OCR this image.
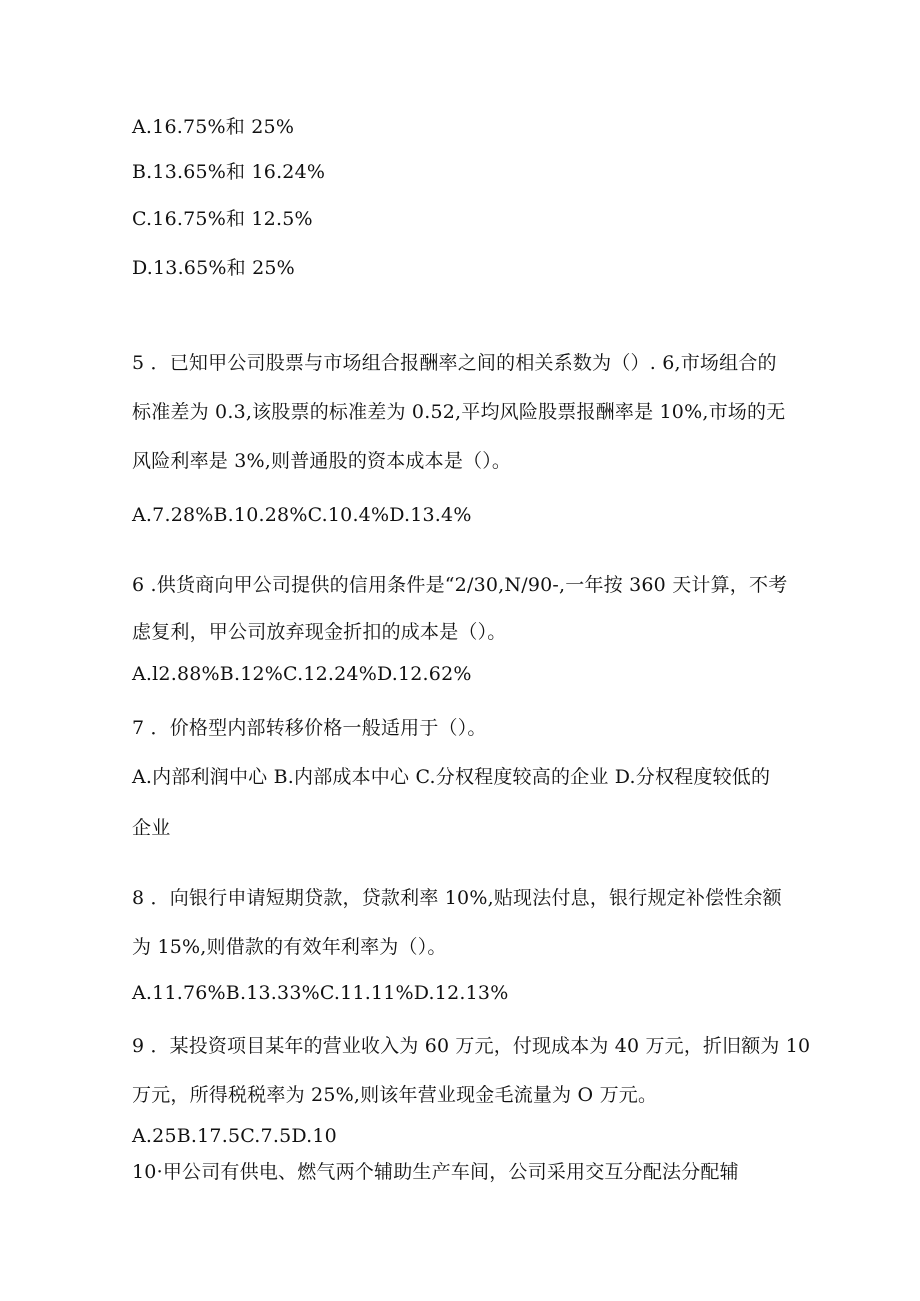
A.16.75%和 25%
B.13.65%和 16.24%
C.16.75%和 12.5%
D.13.65%和 25%
5 ．已知甲公司股票与市场组合报酬率之间的相关系数为（）. 6,市场组合的
标准差为 0.3,该股票的标准差为 0.52,平均风险股票报酬率是 10%,市场的无
风险利率是 3%,则普通股的资本成本是（）。
A.7.28%B.10.28%C.10.4%D.13.4%
6 .供货商向甲公司提供的信用条件是“2/30,N/90-,一年按 360 天计算，不考
虑复利，甲公司放弃现金折扣的成本是（）。
A.l2.88%B.12%C.12.24%D.12.62%
7 ．价格型内部转移价格一般适用于（）。
A.内部利润中心 B.内部成本中心 C.分权程度较高的企业 D.分权程度较低的
企业
8 ．向银行申请短期贷款，贷款利率 10%,贴现法付息，银行规定补偿性余额
为 15%,则借款的有效年利率为（）。
A.11.76%B.13.33%C.11.11%D.12.13%
9 ．某投资项目某年的营业收入为 60 万元，付现成本为 40 万元，折旧额为 10
万元，所得税税率为 25%,则该年营业现金毛流量为 O 万元。
A.25B.17.5C.7.5D.10
10·甲公司有供电、燃气两个辅助生产车间，公司采用交互分配法分配辅
